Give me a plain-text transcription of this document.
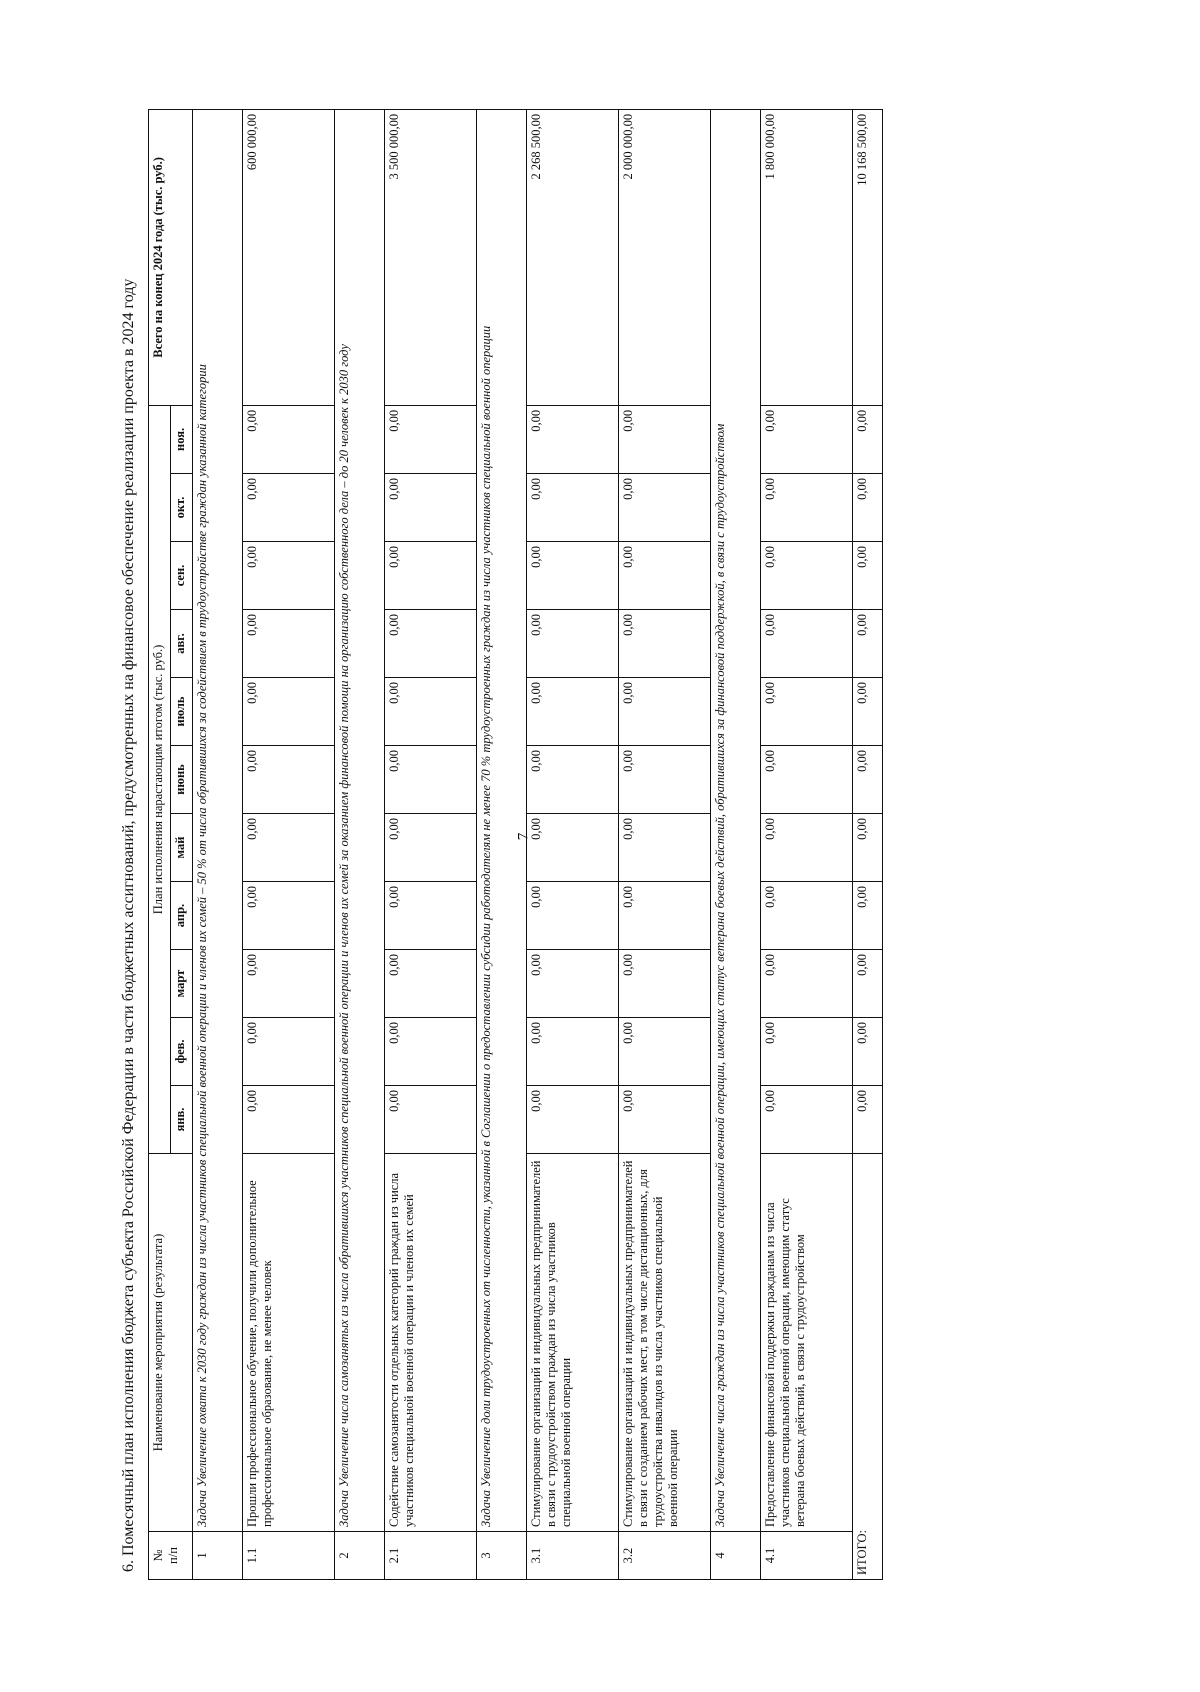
7
6. Помесячный план исполнения бюджета субъекта Российской Федерации в части бюджетных ассигнований, предусмотренных на финансовое обеспечение реализации проекта в 2024 году	№
п/п	Наименование мероприятия (результата)	План исполнения нарастающим итогом (тыс. руб.)											Всего на конец 2024 года (тыс. руб.)
		янв.	фев.	март	апр.	май	июнь	июль	авг.	сен.	окт.	ноя.	
1	Задача Увеличение охвата к 2030 году граждан из числа участников специальной военной операции и членов их семей – 50 % от числа обратившихся за содействием в трудоустройстве граждан указанной категории												
1.1	Прошли профессиональное обучение, получили дополнительное профессиональное образование, не менее человек	0,00	0,00	0,00	0,00	0,00	0,00	0,00	0,00	0,00	0,00	0,00	600 000,00
2	Задача Увеличение числа самозанятых из числа обратившихся участников специальной военной операции и членов их семей за оказанием финансовой помощи на организацию собственного дела – до 20 человек к 2030 году												
2.1	Содействие самозанятости отдельных категорий граждан из числа участников специальной военной операции и членов их семей	0,00	0,00	0,00	0,00	0,00	0,00	0,00	0,00	0,00	0,00	0,00	3 500 000,00
3	Задача Увеличение доли трудоустроенных от численности, указанной в Соглашении о предоставлении субсидии работодателям не менее 70 % трудоустроенных граждан из числа участников специальной военной операции												
3.1	Стимулирование организаций и индивидуальных предпринимателей в связи с трудоустройством граждан из числа участников специальной военной операции	0,00	0,00	0,00	0,00	0,00	0,00	0,00	0,00	0,00	0,00	0,00	2 268 500,00
3.2	Стимулирование организаций и индивидуальных предпринимателей в связи с созданием рабочих мест, в том числе дистанционных, для трудоустройства инвалидов из числа участников специальной военной операции	0,00	0,00	0,00	0,00	0,00	0,00	0,00	0,00	0,00	0,00	0,00	2 000 000,00
4	Задача Увеличение числа граждан из числа участников специальной военной операции, имеющих статус ветерана боевых действий, обратившихся за финансовой поддержкой, в связи с трудоустройством												
4.1	Предоставление финансовой поддержки гражданам из числа участников специальной военной операции, имеющим статус ветерана боевых действий, в связи с трудоустройством	0,00	0,00	0,00	0,00	0,00	0,00	0,00	0,00	0,00	0,00	0,00	1 800 000,00
ИТОГО:		0,00	0,00	0,00	0,00	0,00	0,00	0,00	0,00	0,00	0,00	0,00	10 168 500,00
